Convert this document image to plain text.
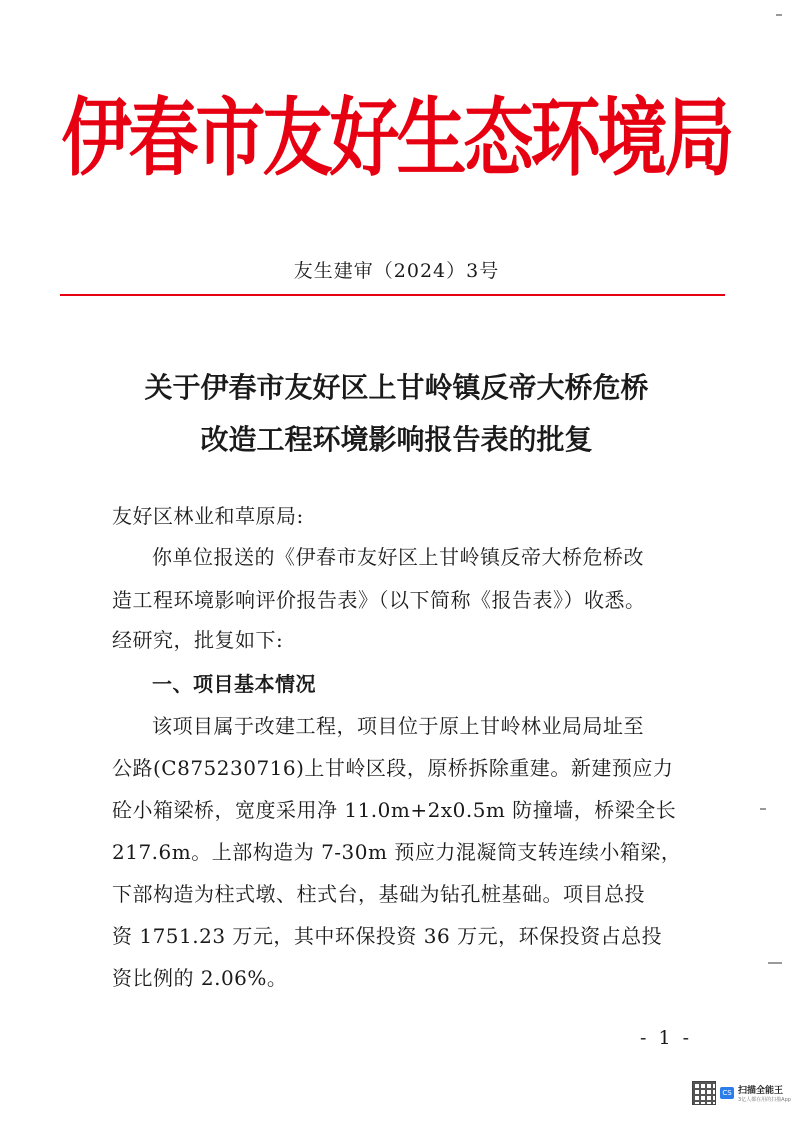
伊春市友好生态环境局
友生建审（2024）3号
关于伊春市友好区上甘岭镇反帝大桥危桥
改造工程环境影响报告表的批复
友好区林业和草原局:
你单位报送的《伊春市友好区上甘岭镇反帝大桥危桥改
造工程环境影响评价报告表》（以下简称《报告表》）收悉。
经研究，批复如下:
一、项目基本情况
该项目属于改建工程，项目位于原上甘岭林业局局址至
公路(C875230716)上甘岭区段，原桥拆除重建。新建预应力
砼小箱梁桥，宽度采用净 11.0m+2x0.5m 防撞墙，桥梁全长
217.6m。上部构造为 7-30m 预应力混凝筒支转连续小箱梁，
下部构造为柱式墩、柱式台，基础为钻孔桩基础。项目总投
资 1751.23 万元，其中环保投资 36 万元，环保投资占总投
资比例的 2.06%。
- 1 -
CS 扫描全能王
3亿人都在用的扫描App
